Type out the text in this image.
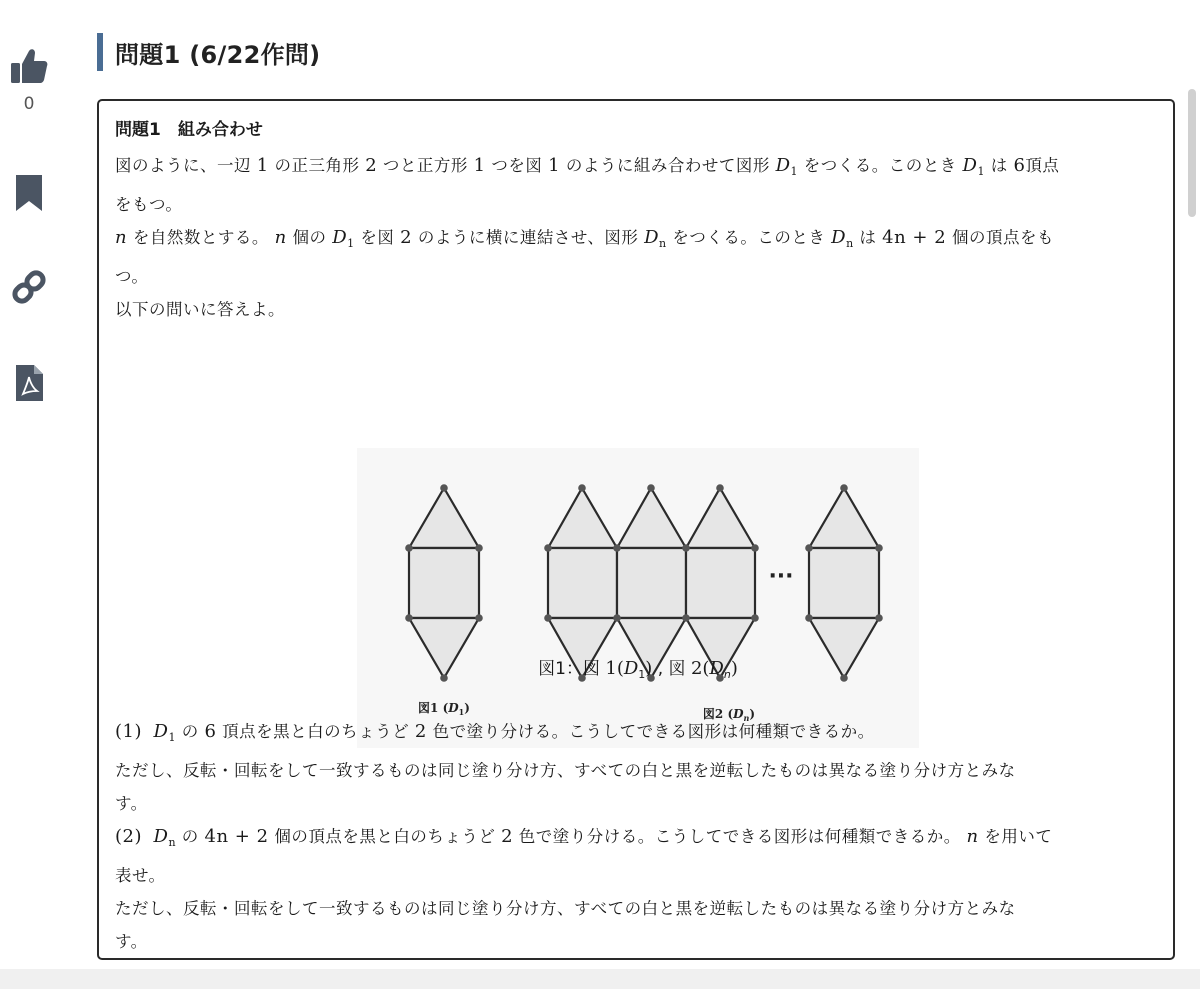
0
問題1 (6/22作問)
問題1　組み合わせ

図のように、一辺 1 の正三角形 2 つと正方形 1 つを図 1 のように組み合わせて図形 $D_1$ をつくる。このとき $D_1$ は 6頂点
をもつ。

n を自然数とする。 n 個の $D_1$ を図 2 のように横に連結させ、図形 $D_n$ をつくる。このとき $D_n$ は 4n + 2 個の頂点をも
つ。

以下の問いに答えよ。

···
図1 $(D_1)$	図2 $(D_n)$
図1：図 $1(D_1)$ , 図 $2(D_n)$

(1) $D_1$ の 6 頂点を黒と白のちょうど 2 色で塗り分ける。こうしてできる図形は何種類できるか。
ただし、反転・回転をして一致するものは同じ塗り分け方、すべての白と黒を逆転したものは異なる塗り分け方とみな
す。

(2) $D_n$ の 4n + 2 個の頂点を黒と白のちょうど 2 色で塗り分ける。こうしてできる図形は何種類できるか。 n を用いて
表せ。
ただし、反転・回転をして一致するものは同じ塗り分け方、すべての白と黒を逆転したものは異なる塗り分け方とみな
す。
